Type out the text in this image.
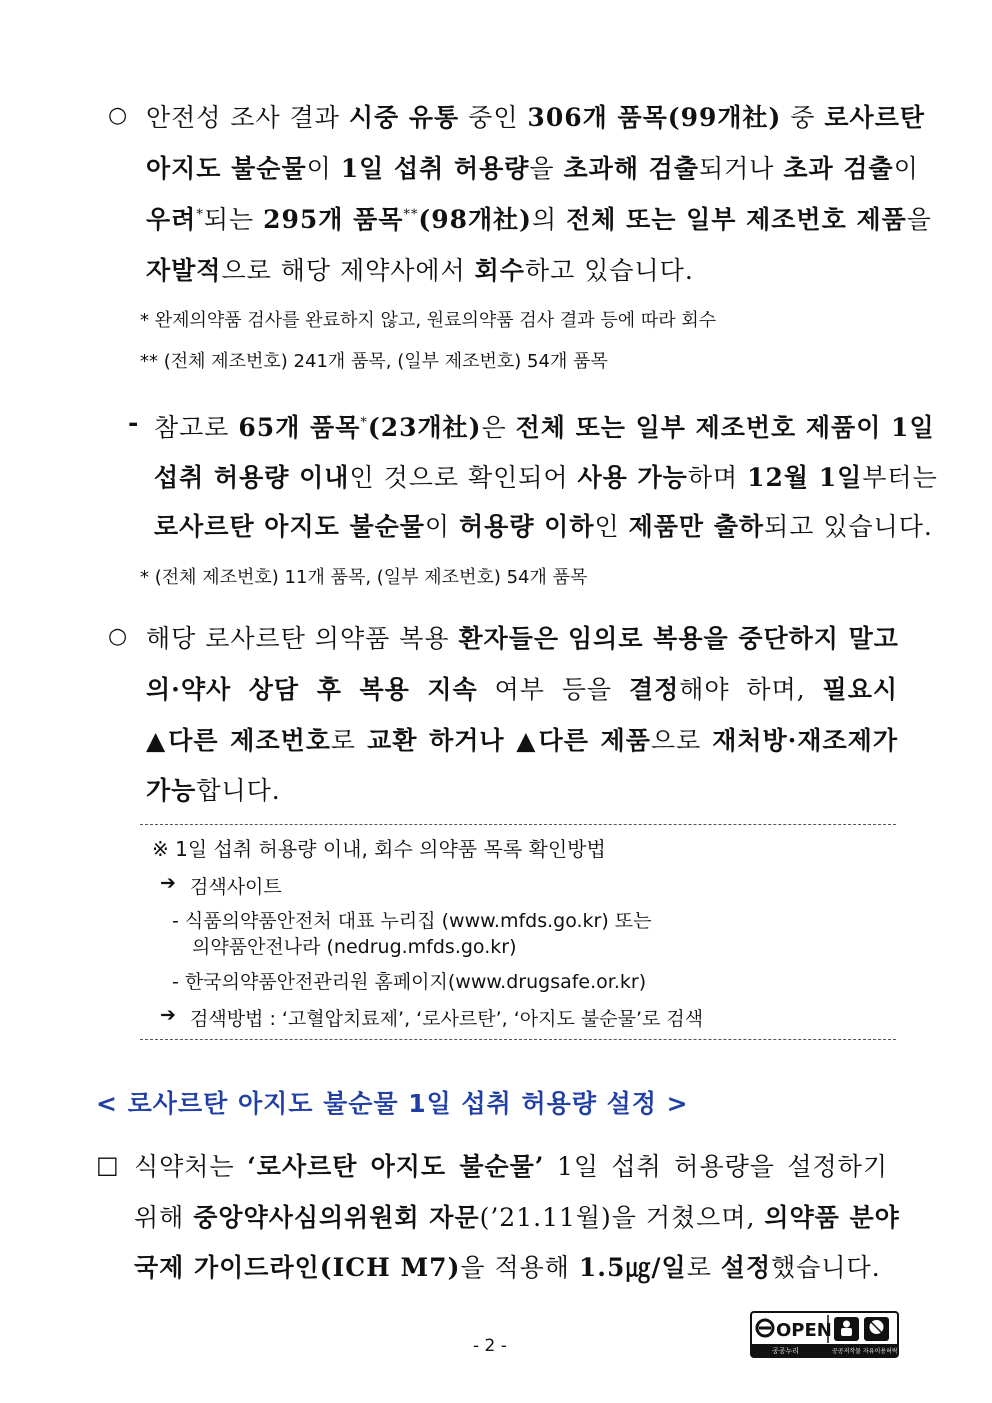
○ 안전성 조사 결과 시중 유통 중인 306개 품목(99개社) 중 로사르탄
아지도 불순물이 1일 섭취 허용량을 초과해 검출되거나 초과 검출이
우려*되는 295개 품목**(98개社)의 전체 또는 일부 제조번호 제품을
자발적으로 해당 제약사에서 회수하고 있습니다.
* 완제의약품 검사를 완료하지 않고, 원료의약품 검사 결과 등에 따라 회수
** (전체 제조번호) 241개 품목, (일부 제조번호) 54개 품목
- 참고로 65개 품목*(23개社)은 전체 또는 일부 제조번호 제품이 1일
섭취 허용량 이내인 것으로 확인되어 사용 가능하며 12월 1일부터는
로사르탄 아지도 불순물이 허용량 이하인 제품만 출하되고 있습니다.
* (전체 제조번호) 11개 품목, (일부 제조번호) 54개 품목
○ 해당 로사르탄 의약품 복용 환자들은 임의로 복용을 중단하지 말고
의·약사 상담 후 복용 지속 여부 등을 결정해야 하며, 필요시
▲다른 제조번호로 교환 하거나 ▲다른 제품으로 재처방·재조제가
가능합니다.
※ 1일 섭취 허용량 이내, 회수 의약품 목록 확인방법
➔ 검색사이트
- 식품의약품안전처 대표 누리집 (www.mfds.go.kr) 또는
의약품안전나라 (nedrug.mfds.go.kr)
- 한국의약품안전관리원 홈페이지(www.drugsafe.or.kr)
➔ 검색방법 : ‘고혈압치료제’, ‘로사르탄’, ‘아지도 불순물’로 검색
< 로사르탄 아지도 불순물 1일 섭취 허용량 설정 >
□ 식약처는 ‘로사르탄 아지도 불순물’ 1일 섭취 허용량을 설정하기
위해 중앙약사심의위원회 자문(’21.11월)을 거쳤으며, 의약품 분야
국제 가이드라인(ICH M7)을 적용해 1.5㎍/일로 설정했습니다.
- 2 -
OPEN
공공누리	공공저작물 자유이용허락
